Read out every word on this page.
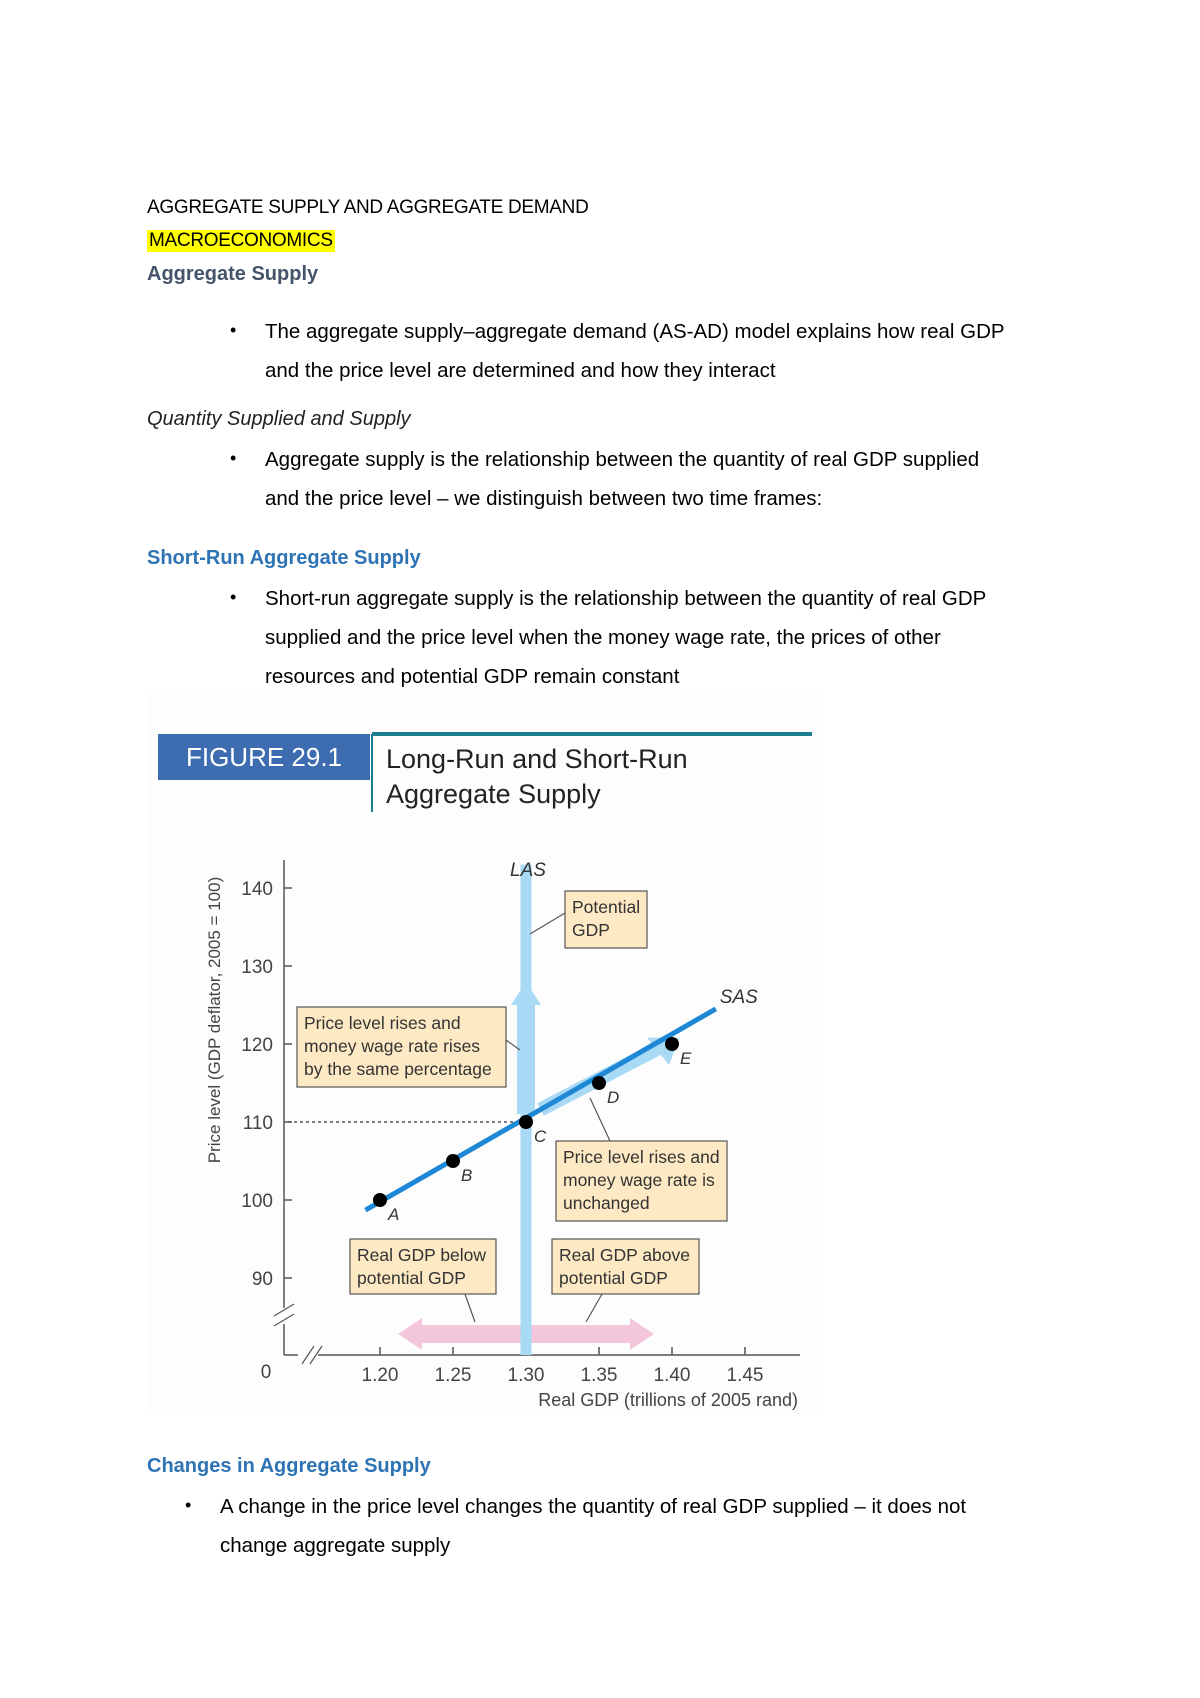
AGGREGATE SUPPLY AND AGGREGATE DEMAND
MACROECONOMICS
Aggregate Supply
• The aggregate supply–aggregate demand (AS-AD) model explains how real GDP
and the price level are determined and how they interact
Quantity Supplied and Supply
• Aggregate supply is the relationship between the quantity of real GDP supplied
and the price level – we distinguish between two time frames:
Short-Run Aggregate Supply
• Short-run aggregate supply is the relationship between the quantity of real GDP
supplied and the price level when the money wage rate, the prices of other
resources and potential GDP remain constant
FIGURE 29.1 Long-Run and Short-Run
Aggregate Supply
0
90
100
110
120
130
140
1.20 1.25 1.30 1.35 1.40 1.45
Real GDP (trillions of 2005 rand)
Price level (GDP deflator, 2005 = 100)
LAS
SAS
A
B
C
D
E
Potential
GDP
Price level rises and
money wage rate rises
by the same percentage
Price level rises and
money wage rate is
unchanged
Real GDP below
potential GDP
Real GDP above
potential GDP
Changes in Aggregate Supply
• A change in the price level changes the quantity of real GDP supplied – it does not
change aggregate supply
